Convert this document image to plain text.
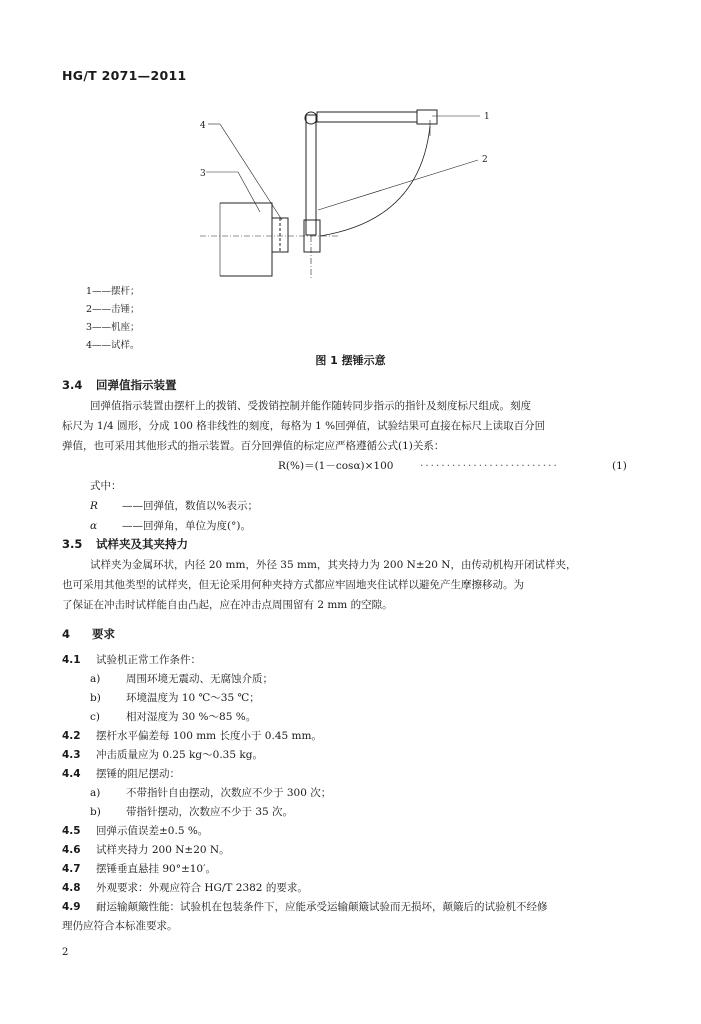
HG/T 2071—2011
1
2
3
4
1——摆杆；
2——击锤；
3——机座；
4——试样。
图 1 摆锤示意
3.4 回弹值指示装置
回弹值指示装置由摆杆上的拨销、受拨销控制并能作随转同步指示的指针及刻度标尺组成。刻度
标尺为 1/4 圆形，分成 100 格非线性的刻度，每格为 1 %回弹值，试验结果可直接在标尺上读取百分回
弹值，也可采用其他形式的指示装置。百分回弹值的标定应严格遵循公式(1)关系：
R(%)＝(1－cosα)×100	··························	(1)
式中：
R ——回弹值，数值以%表示；
α ——回弹角，单位为度(°)。
3.5 试样夹及其夹持力
试样夹为金属环状，内径 20 mm，外径 35 mm，其夹持力为 200 N±20 N，由传动机构开闭试样夹，
也可采用其他类型的试样夹，但无论采用何种夹持方式都应牢固地夹住试样以避免产生摩擦移动。为
了保证在冲击时试样能自由凸起，应在冲击点周围留有 2 mm 的空隙。
4 要求
4.1 试验机正常工作条件：
a) 周围环境无震动、无腐蚀介质；
b) 环境温度为 10 ℃～35 ℃；
c) 相对湿度为 30 %～85 %。
4.2 摆杆水平偏差每 100 mm 长度小于 0.45 mm。
4.3 冲击质量应为 0.25 kg～0.35 kg。
4.4 摆锤的阻尼摆动：
a) 不带指针自由摆动，次数应不少于 300 次；
b) 带指针摆动，次数应不少于 35 次。
4.5 回弹示值误差±0.5 %。
4.6 试样夹持力 200 N±20 N。
4.7 摆锤垂直悬挂 90°±10′。
4.8 外观要求：外观应符合 HG/T 2382 的要求。
4.9 耐运输颠簸性能：试验机在包装条件下，应能承受运输颠簸试验而无损坏，颠簸后的试验机不经修
理仍应符合本标准要求。
2
